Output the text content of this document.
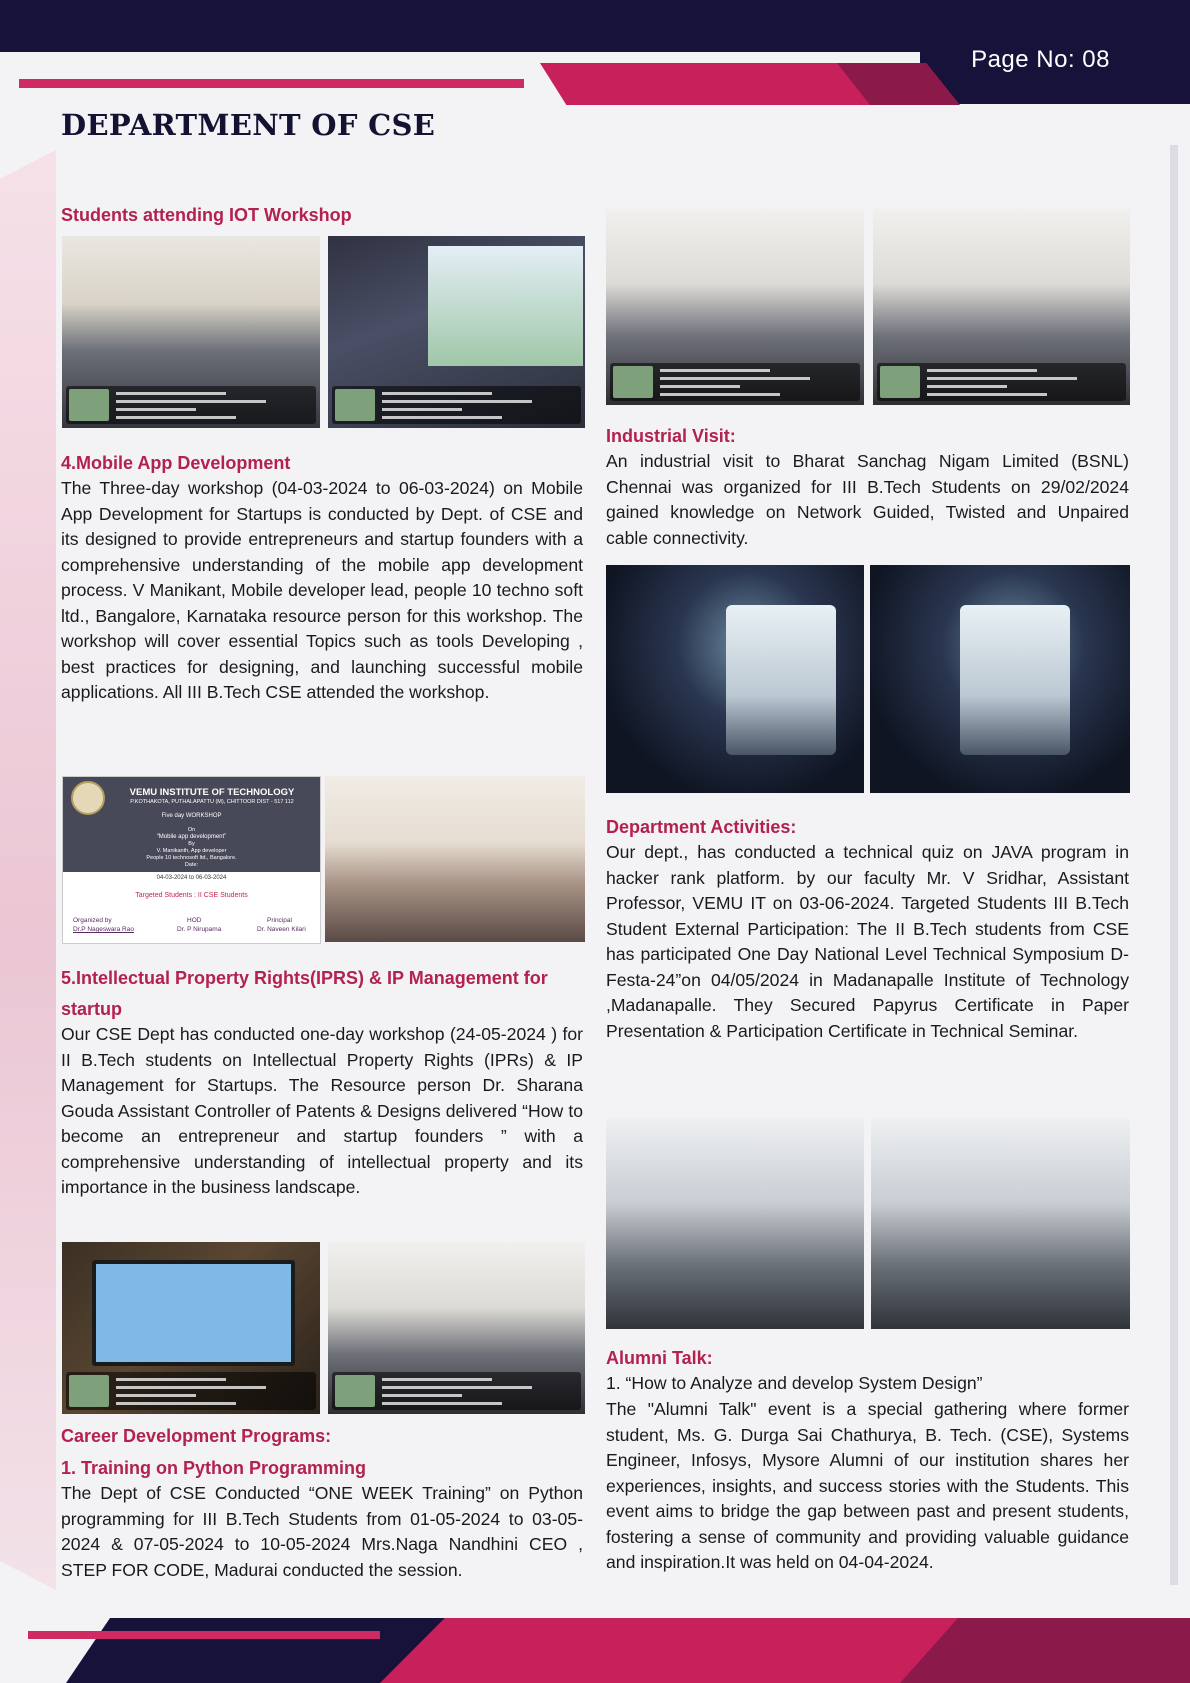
Page No: 08
DEPARTMENT OF CSE
Students attending IOT Workshop
4.Mobile App Development
The Three-day workshop (04-03-2024 to 06-03-2024) on Mobile App Development for Startups is conducted by Dept. of CSE and its designed to provide entrepreneurs and startup founders with a comprehensive understanding of the mobile app development process. V Manikant, Mobile developer lead, people 10 techno soft ltd., Bangalore, Karnataka resource person for this workshop. The workshop will cover essential Topics such as tools Developing , best practices for designing, and launching successful mobile applications. All III B.Tech CSE attended the workshop.
VEMU INSTITUTE OF TECHNOLOGY
P.KOTHAKOTA, PUTHALAPATTU (M), CHITTOOR DIST - 517 112
Five day WORKSHOP
On
“Mobile app development”
By
V. Manikanth, App developer
People 10 technosoft ltd., Bangalore.
Date:
04-03-2024 to 06-03-2024
Targeted Students : II CSE Students
Organized by
Dr.P Nageswara Rao
HOD
Dr. P Nirupama
Principal
Dr. Naveen Kilari
5.Intellectual Property Rights(IPRS) & IP Management for
startup
Our CSE Dept has conducted one-day workshop (24-05-2024 ) for II B.Tech students on Intellectual Property Rights (IPRs) & IP Management for Startups. The Resource person Dr. Sharana Gouda Assistant Controller of Patents & Designs delivered “How to become an entrepreneur and startup founders ” with a comprehensive understanding of intellectual property and its importance in the business landscape.
Career Development Programs:
1. Training on Python Programming
The Dept of CSE Conducted “ONE WEEK Training” on Python programming for III B.Tech Students from 01-05-2024 to 03-05-2024 & 07-05-2024 to 10-05-2024 Mrs.Naga Nandhini CEO , STEP FOR CODE, Madurai conducted the session.
Industrial Visit:
An industrial visit to Bharat Sanchag Nigam Limited (BSNL) Chennai was organized for III B.Tech Students on 29/02/2024 gained knowledge on Network Guided, Twisted and Unpaired cable connectivity.
Department Activities:
Our dept., has conducted a technical quiz on JAVA program in hacker rank platform. by our faculty Mr. V Sridhar, Assistant Professor, VEMU IT on 03-06-2024. Targeted Students III B.Tech Student External Participation: The II B.Tech students from CSE has participated One Day National Level Technical Symposium D-Festa-24”on 04/05/2024 in Madanapalle Institute of Technology ,Madanapalle. They Secured Papyrus Certificate in Paper Presentation & Participation Certificate in Technical Seminar.
Alumni Talk:
1. “How to Analyze and develop System Design”
The "Alumni Talk" event is a special gathering where former student, Ms. G. Durga Sai Chathurya, B. Tech. (CSE), Systems Engineer, Infosys, Mysore Alumni of our institution shares her experiences, insights, and success stories with the Students. This event aims to bridge the gap between past and present students, fostering a sense of community and providing valuable guidance and inspiration.It was held on 04-04-2024.
